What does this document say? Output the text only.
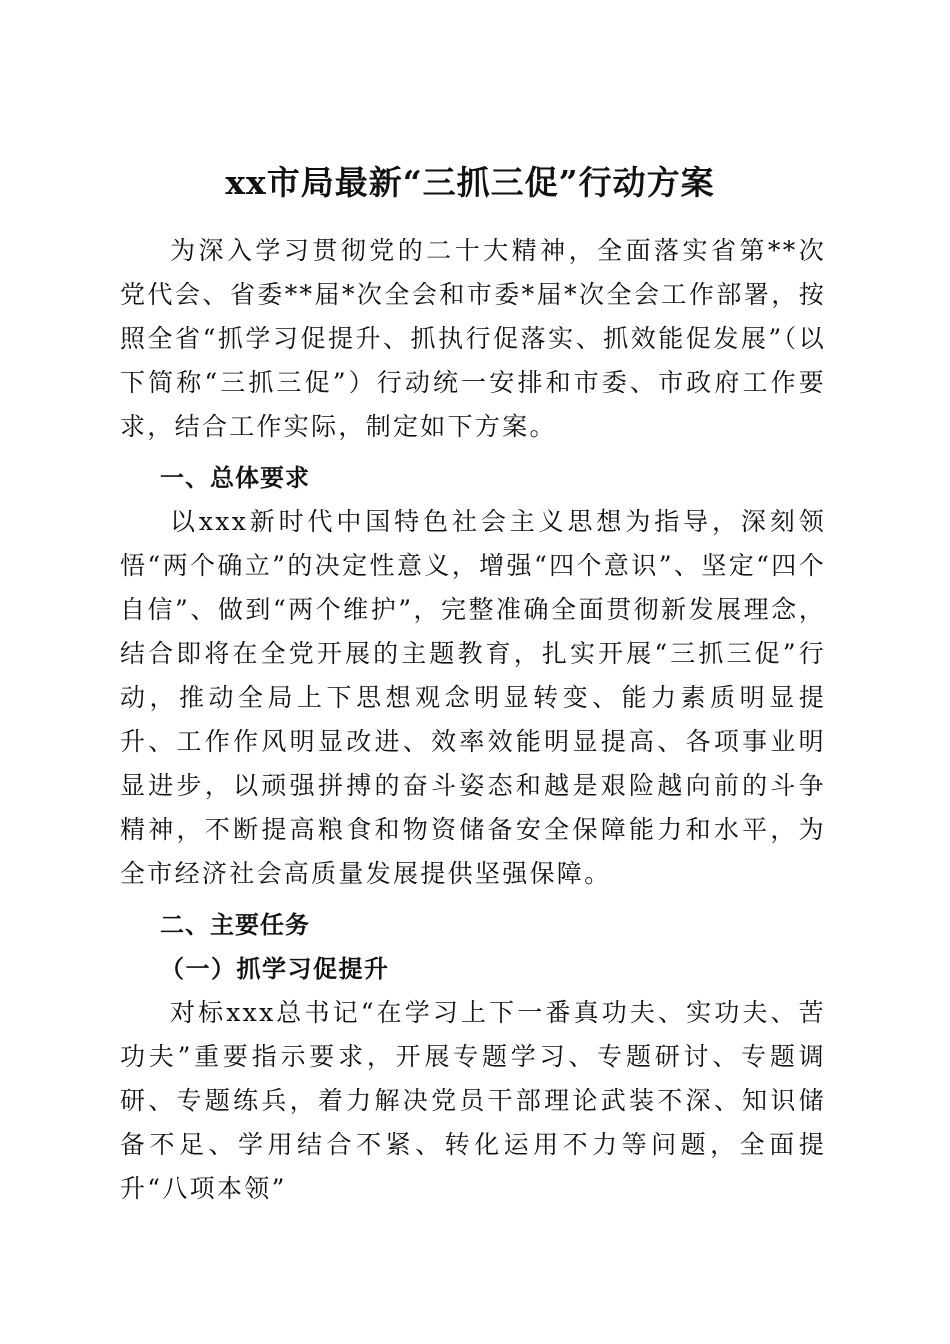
xx市局最新“三抓三促”行动方案

为深入学习贯彻党的二十大精神，全面落实省第**次党代会、省委**届*次全会和市委*届*次全会工作部署，按照全省“抓学习促提升、抓执行促落实、抓效能促发展”（以下简称“三抓三促”）行动统一安排和市委、市政府工作要求，结合工作实际，制定如下方案。

一、总体要求

以xxx新时代中国特色社会主义思想为指导，深刻领悟“两个确立”的决定性意义，增强“四个意识”、坚定“四个自信”、做到“两个维护”，完整准确全面贯彻新发展理念，结合即将在全党开展的主题教育，扎实开展“三抓三促”行动，推动全局上下思想观念明显转变、能力素质明显提升、工作作风明显改进、效率效能明显提高、各项事业明显进步，以顽强拼搏的奋斗姿态和越是艰险越向前的斗争精神，不断提高粮食和物资储备安全保障能力和水平，为全市经济社会高质量发展提供坚强保障。

二、主要任务
（一）抓学习促提升

对标xxx总书记“在学习上下一番真功夫、实功夫、苦功夫”重要指示要求，开展专题学习、专题研讨、专题调研、专题练兵，着力解决党员干部理论武装不深、知识储备不足、学用结合不紧、转化运用不力等问题，全面提升“八项本领”
